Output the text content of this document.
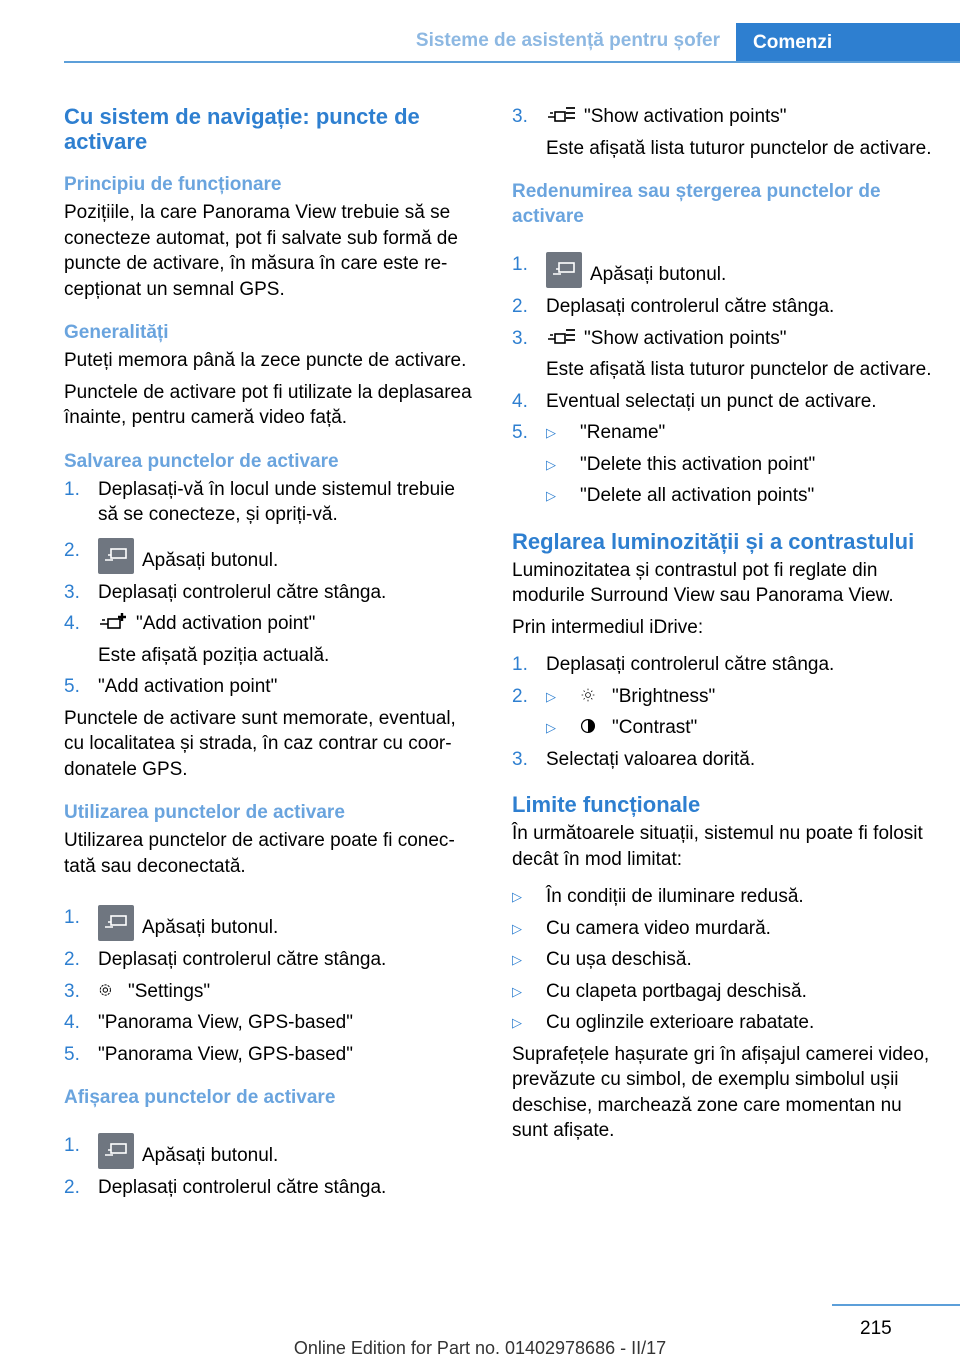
Sisteme de asistență pentru șofer	Comenzi
Cu sistem de navigație: puncte de activare
Principiu de funcționare

Pozițiile, la care Panorama View trebuie să se conecteze automat, pot fi salvate sub formă de puncte de activare, în măsura în care este recepționat un semnal GPS.

Generalități

Puteți memora până la zece puncte de activare.

Punctele de activare pot fi utilizate la deplasarea înainte, pentru cameră video față.

Salvarea punctelor de activare
1. Deplasați-vă în locul unde sistemul trebuie să se conecteze, și opriți-vă.
2.	Apăsați butonul.
3. Deplasați controlerul către stânga.
4.	"Add activation point"
Este afișată poziția actuală.
5. "Add activation point"

Punctele de activare sunt memorate, eventual, cu localitatea și strada, în caz contrar cu coordonatele GPS.

Utilizarea punctelor de activare

Utilizarea punctelor de activare poate fi conectată sau deconectată.

1.	Apăsați butonul.
2. Deplasați controlerul către stânga.
3.	"Settings"
4. "Panorama View, GPS-based"
5. "Panorama View, GPS-based"
Afișarea punctelor de activare
1.	Apăsați butonul.
2. Deplasați controlerul către stânga.
3.	"Show activation points"
Este afișată lista tuturor punctelor de activare.
Redenumirea sau ștergerea punctelor de activare
1.	Apăsați butonul.
2. Deplasați controlerul către stânga.
3.	"Show activation points"
Este afișată lista tuturor punctelor de activare.
4. Eventual selectați un punct de activare.
5. ▷ "Rename"
▷ "Delete this activation point"
▷ "Delete all activation points"
Reglarea luminozității și a contrastului

Luminozitatea și contrastul pot fi reglate din modurile Surround View sau Panorama View.

Prin intermediul iDrive:

1. Deplasați controlerul către stânga.
2. ▷	"Brightness"
▷	"Contrast"
3. Selectați valoarea dorită.
Limite funcționale

În următoarele situații, sistemul nu poate fi folosit decât în mod limitat:

▷ În condiții de iluminare redusă.
▷ Cu camera video murdară.
▷ Cu ușa deschisă.
▷ Cu clapeta portbagaj deschisă.
▷ Cu oglinzile exterioare rabatate.

Suprafețele hașurate gri în afișajul camerei video, prevăzute cu simbol, de exemplu simbolul ușii deschise, marchează zone care momentan nu sunt afișate.

215
Online Edition for Part no. 01402978686 - II/17
